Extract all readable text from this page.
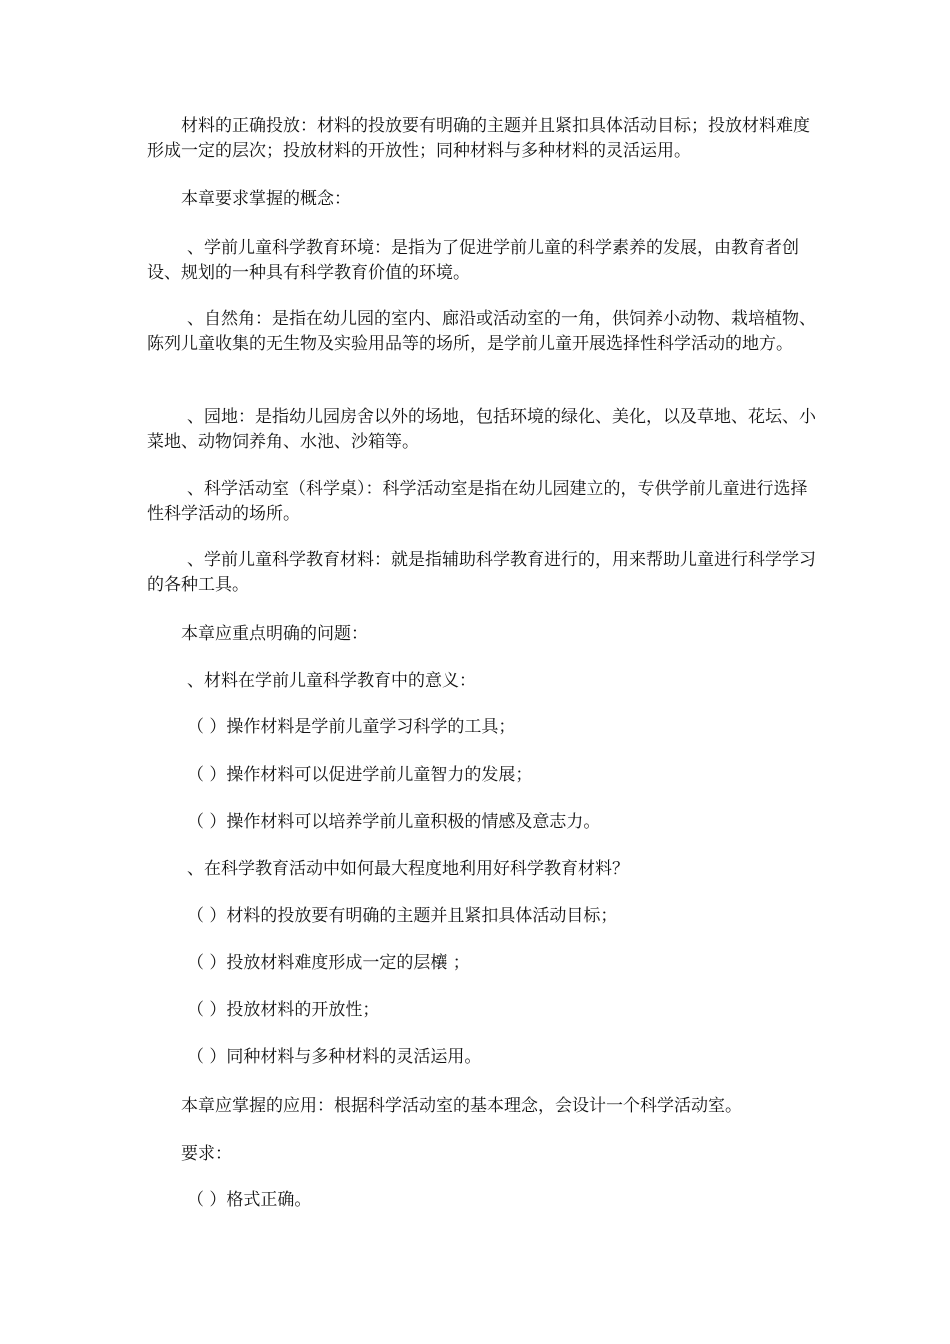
材料的正确投放：材料的投放要有明确的主题并且紧扣具体活动目标；投放材料难度形成一定的层次；投放材料的开放性；同种材料与多种材料的灵活运用。

本章要求掌握的概念：

、学前儿童科学教育环境：是指为了促进学前儿童的科学素养的发展，由教育者创设、规划的一种具有科学教育价值的环境。

、自然角：是指在幼儿园的室内、廊沿或活动室的一角，供饲养小动物、栽培植物、陈列儿童收集的无生物及实验用品等的场所，是学前儿童开展选择性科学活动的地方。

、园地：是指幼儿园房舍以外的场地，包括环境的绿化、美化，以及草地、花坛、小菜地、动物饲养角、水池、沙箱等。

、科学活动室（科学桌）：科学活动室是指在幼儿园建立的，专供学前儿童进行选择性科学活动的场所。

、学前儿童科学教育材料：就是指辅助科学教育进行的，用来帮助儿童进行科学学习的各种工具。

本章应重点明确的问题：

、材料在学前儿童科学教育中的意义：

（ ）操作材料是学前儿童学习科学的工具；

（ ）操作材料可以促进学前儿童智力的发展；

（ ）操作材料可以培养学前儿童积极的情感及意志力。

、在科学教育活动中如何最大程度地利用好科学教育材料？

（ ）材料的投放要有明确的主题并且紧扣具体活动目标；

（ ）投放材料难度形成一定的层欀 ；

（ ）投放材料的开放性；

（ ）同种材料与多种材料的灵活运用。

本章应掌握的应用：根据科学活动室的基本理念，会设计一个科学活动室。

要求：

（ ）格式正确。
